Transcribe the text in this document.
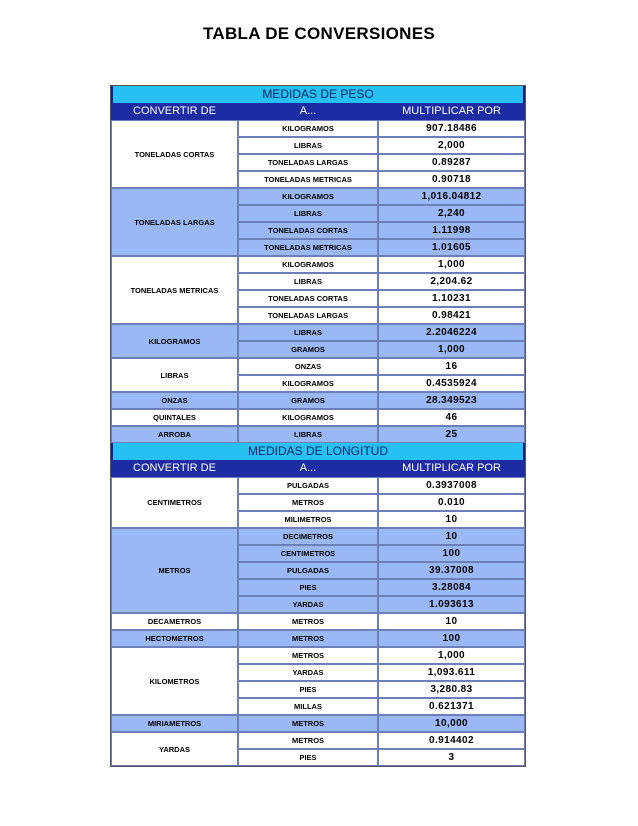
TABLA DE CONVERSIONES
MEDIDAS DE PESO		
CONVERTIR DE	A...	MULTIPLICAR POR
TONELADAS CORTAS	KILOGRAMOS	907.18486
	LIBRAS	2,000
	TONELADAS LARGAS	0.89287
	TONELADAS METRICAS	0.90718
TONELADAS LARGAS	KILOGRAMOS	1,016.04812
	LIBRAS	2,240
	TONELADAS CORTAS	1.11998
	TONELADAS METRICAS	1.01605
TONELADAS METRICAS	KILOGRAMOS	1,000
	LIBRAS	2,204.62
	TONELADAS CORTAS	1.10231
	TONELADAS LARGAS	0.98421
KILOGRAMOS	LIBRAS	2.2046224
	GRAMOS	1,000
LIBRAS	ONZAS	16
	KILOGRAMOS	0.4535924
ONZAS	GRAMOS	28.349523
QUINTALES	KILOGRAMOS	46
ARROBA	LIBRAS	25
MEDIDAS DE LONGITUD		
CONVERTIR DE	A...	MULTIPLICAR POR
CENTIMETROS	PULGADAS	0.3937008
	METROS	0.010
	MILIMETROS	10
METROS	DECIMETROS	10
	CENTIMETROS	100
	PULGADAS	39.37008
	PIES	3.28084
	YARDAS	1.093613
DECAMETROS	METROS	10
HECTOMETROS	METROS	100
KILOMETROS	METROS	1,000
	YARDAS	1,093.611
	PIES	3,280.83
	MILLAS	0.621371
MIRIAMETROS	METROS	10,000
YARDAS	METROS	0.914402
	PIES	3
